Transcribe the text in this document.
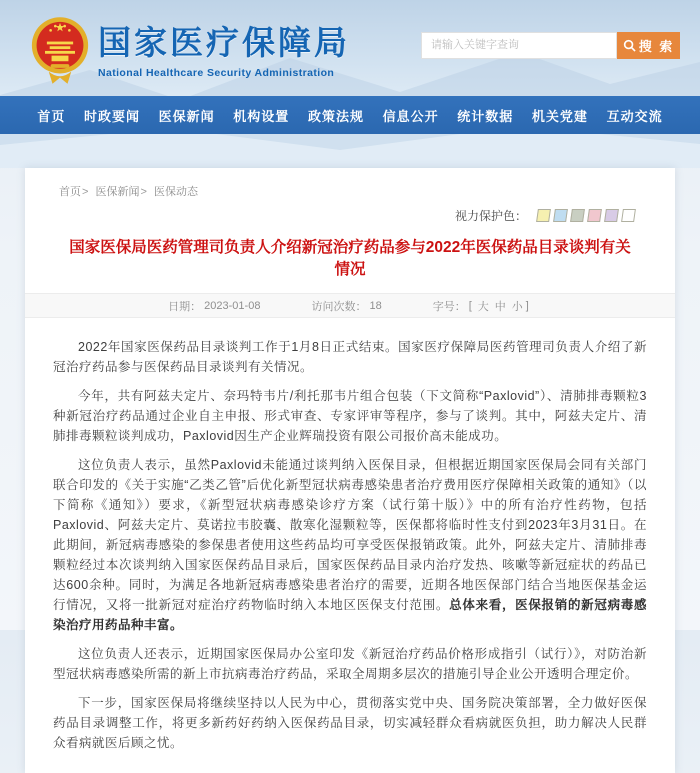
国家医疗保障局
National Healthcare Security Administration
请输入关键字查询
搜 索
首页 时政要闻 医保新闻 机构设置 政策法规 信息公开 统计数据 机关党建 互动交流
首页> 医保新闻> 医保动态
视力保护色：
国家医保局医药管理司负责人介绍新冠治疗药品参与2022年医保药品目录谈判有关情况
日期： 2023-01-08	访问次数： 18	字号： [ 大 中 小 ]

2022年国家医保药品目录谈判工作于1月8日正式结束。国家医疗保障局医药管理司负责人介绍了新冠治疗药品参与医保药品目录谈判有关情况。

今年，共有阿兹夫定片、奈玛特韦片/利托那韦片组合包装（下文简称“Paxlovid”）、清肺排毒颗粒3种新冠治疗药品通过企业自主申报、形式审查、专家评审等程序，参与了谈判。其中，阿兹夫定片、清肺排毒颗粒谈判成功，Paxlovid因生产企业辉瑞投资有限公司报价高未能成功。

这位负责人表示，虽然Paxlovid未能通过谈判纳入医保目录，但根据近期国家医保局会同有关部门联合印发的《关于实施“乙类乙管”后优化新型冠状病毒感染患者治疗费用医疗保障相关政策的通知》（以下简称《通知》）要求，《新型冠状病毒感染诊疗方案（试行第十版）》中的所有治疗性药物，包括Paxlovid、阿兹夫定片、莫诺拉韦胶囊、散寒化湿颗粒等，医保都将临时性支付到2023年3月31日。在此期间，新冠病毒感染的参保患者使用这些药品均可享受医保报销政策。此外，阿兹夫定片、清肺排毒颗粒经过本次谈判纳入国家医保药品目录后，国家医保药品目录内治疗发热、咳嗽等新冠症状的药品已达600余种。同时，为满足各地新冠病毒感染患者治疗的需要，近期各地医保部门结合当地医保基金运行情况，又将一批新冠对症治疗药物临时纳入本地区医保支付范围。总体来看，医保报销的新冠病毒感染治疗用药品种丰富。

这位负责人还表示，近期国家医保局办公室印发《新冠治疗药品价格形成指引（试行）》，对防治新型冠状病毒感染所需的新上市抗病毒治疗药品，采取全周期多层次的措施引导企业公开透明合理定价。

下一步，国家医保局将继续坚持以人民为中心，贯彻落实党中央、国务院决策部署，全力做好医保药品目录调整工作，将更多新药好药纳入医保药品目录，切实减轻群众看病就医负担，助力解决人民群众看病就医后顾之忧。
